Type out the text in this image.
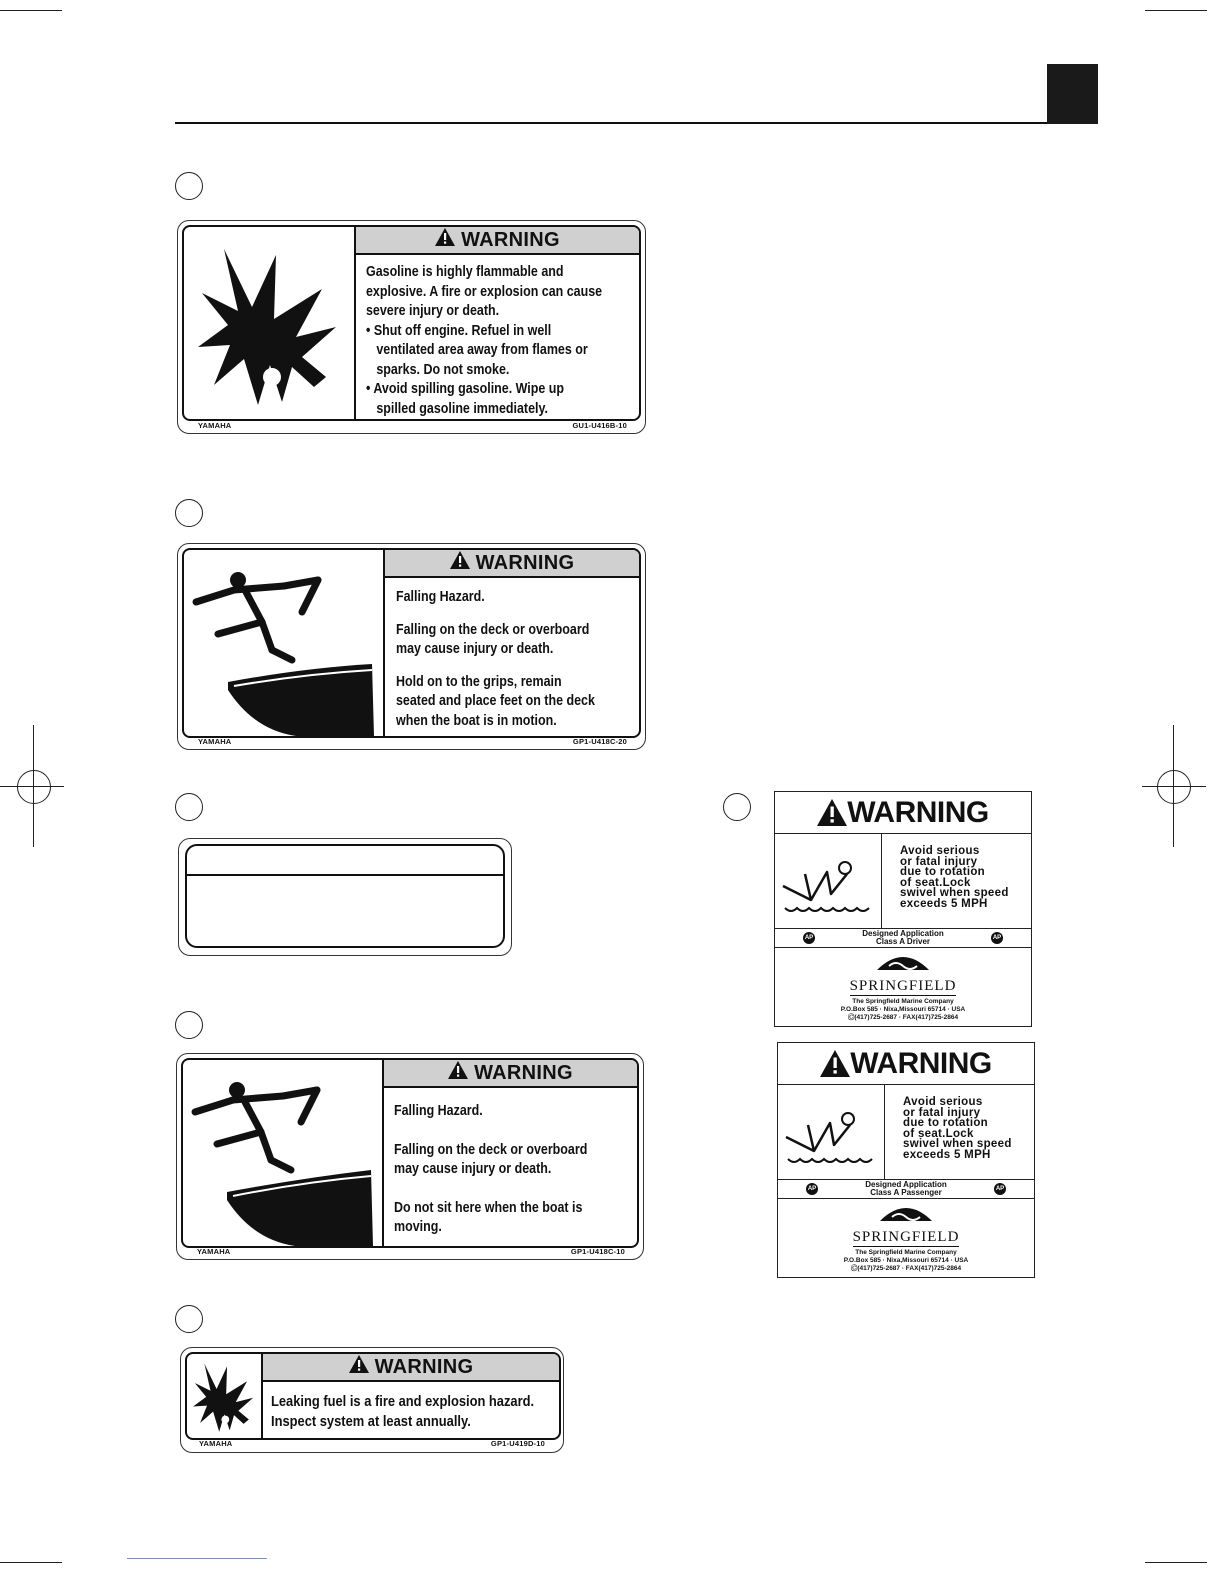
WARNING

Gasoline is highly flammable and

explosive. A fire or explosion can cause

severe injury or death.

• Shut off engine. Refuel in well

ventilated area away from flames or

sparks. Do not smoke.

• Avoid spilling gasoline. Wipe up

spilled gasoline immediately.

YAMAHA	GU1-U416B-10
WARNING

Falling Hazard.

Falling on the deck or overboard

may cause injury or death.

Hold on to the grips, remain

seated and place feet on the deck

when the boat is in motion.

YAMAHA	GP1-U418C-20
WARNING

Falling Hazard.

Falling on the deck or overboard

may cause injury or death.

Do not sit here when the boat is

moving.

YAMAHA	GP1-U418C-10
WARNING

Leaking fuel is a fire and explosion hazard.

Inspect system at least annually.

YAMAHA	GP1-U419D-10
WARNING
Avoid serious
or fatal injury
due to rotation
of seat.Lock
swivel when speed
exceeds 5 MPH
AP	Designed Application
Class A Driver	AP
SPRINGFIELD
The Springfield Marine Company
P.O.Box 585 · Nixa,Missouri 65714 · USA
Ⓒ(417)725-2687 · FAX(417)725-2864
WARNING
Avoid serious
or fatal injury
due to rotation
of seat.Lock
swivel when speed
exceeds 5 MPH
AP	Designed Application
Class A Passenger	AP
SPRINGFIELD
The Springfield Marine Company
P.O.Box 585 · Nixa,Missouri 65714 · USA
Ⓒ(417)725-2687 · FAX(417)725-2864
